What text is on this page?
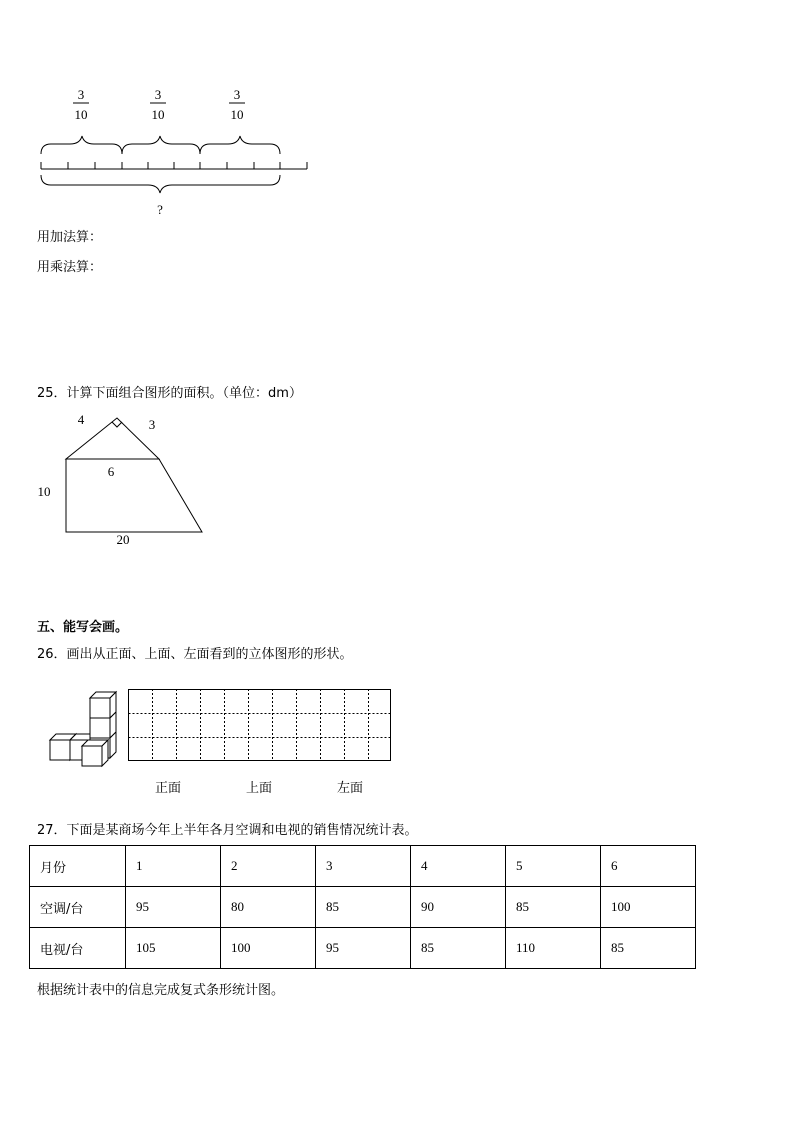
3
10
3
10
3
10
?
用加法算：
用乘法算：
25．计算下面组合图形的面积。（单位：dm）
4	3
6
10
20
五、能写会画。
26．画出从正面、上面、左面看到的立体图形的形状。
正面	上面	左面
27．下面是某商场今年上半年各月空调和电视的销售情况统计表。
月份	1	2	3	4	5	6
空调/台	95	80	85	90	85	100
电视/台	105	100	95	85	110	85
根据统计表中的信息完成复式条形统计图。
